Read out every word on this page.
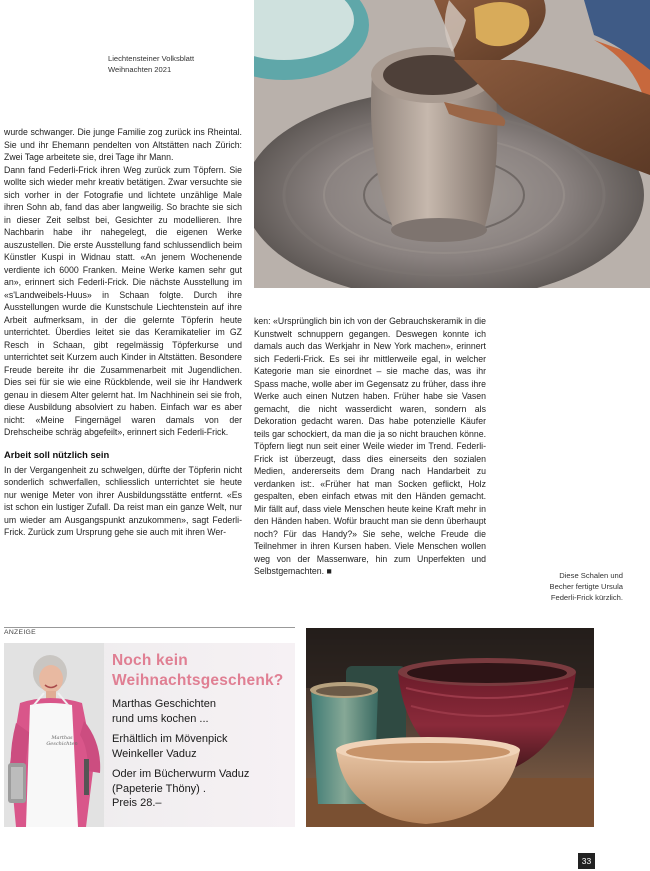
Liechtensteiner Volksblatt
Weihnachten 2021

wurde schwanger. Die junge Familie zog zurück ins Rheintal. Sie und ihr Ehemann pendelten von Altstätten nach Zürich: Zwei Tage arbeitete sie, drei Tage ihr Mann.

Dann fand Federli-Frick ihren Weg zurück zum Töpfern. Sie wollte sich wieder mehr kreativ betätigen. Zwar versuchte sie sich vorher in der Fotografie und lichtete unzählige Male ihren Sohn ab, fand das aber langweilig. So brachte sie sich in dieser Zeit selbst bei, Gesichter zu modellieren. Ihre Nachbarin habe ihr nahegelegt, die eigenen Werke auszustellen. Die erste Ausstellung fand schlussendlich beim Künstler Kuspi in Widnau statt. «An jenem Wochenende verdiente ich 6000 Franken. Meine Werke kamen sehr gut an», erinnert sich Federli-Frick. Die nächste Ausstellung im «s'Landweibels-Huus» in Schaan folgte. Durch ihre Ausstellungen wurde die Kunstschule Liechtenstein auf ihre Arbeit aufmerksam, in der die gelernte Töpferin heute unterrichtet. Überdies leitet sie das Keramikatelier im GZ Resch in Schaan, gibt regelmässig Töpferkurse und unterrichtet seit Kurzem auch Kinder in Altstätten. Besondere Freude bereite ihr die Zusammenarbeit mit Jugendlichen. Dies sei für sie wie eine Rückblende, weil sie ihr Handwerk genau in diesem Alter gelernt hat. Im Nachhinein sei sie froh, diese Ausbildung absolviert zu haben. Einfach war es aber nicht: «Meine Fingernägel waren damals von der Drehscheibe schräg abgefeilt», erinnert sich Federli-Frick.

Arbeit soll nützlich sein

In der Vergangenheit zu schwelgen, dürfte der Töpferin nicht sonderlich schwerfallen, schliesslich unterrichtet sie heute nur wenige Meter von ihrer Ausbildungsstätte entfernt. «Es ist schon ein lustiger Zufall. Da reist man ein ganze Welt, nur um wieder am Ausgangspunkt anzukommen», sagt Federli-Frick. Zurück zum Ursprung gehe sie auch mit ihren Wer-

ken: «Ursprünglich bin ich von der Gebrauchskeramik in die Kunstwelt schnuppern gegangen. Deswegen konnte ich damals auch das Werkjahr in New York machen», erinnert sich Federli-Frick. Es sei ihr mittlerweile egal, in welcher Kategorie man sie einordnet – sie mache das, was ihr Spass mache, wolle aber im Gegensatz zu früher, dass ihre Werke auch einen Nutzen haben. Früher habe sie Vasen gemacht, die nicht wasserdicht waren, sondern als Dekoration gedacht waren. Das habe potenzielle Käufer teils gar schockiert, da man die ja so nicht brauchen könne. Töpfern liegt nun seit einer Weile wieder im Trend. Federli-Frick ist überzeugt, dass dies einerseits den sozialen Medien, andererseits dem Drang nach Handarbeit zu verdanken ist:. «Früher hat man Socken geflickt, Holz gespalten, eben einfach etwas mit den Händen gemacht. Mir fällt auf, dass viele Menschen heute keine Kraft mehr in den Händen haben. Wofür braucht man sie denn überhaupt noch? Für das Handy?» Sie sehe, welche Freude die Teilnehmer in ihren Kursen haben. Viele Menschen wollen weg von der Massenware, hin zum Unperfekten und Selbstgemachten. ■	Diese Schalen und
Becher fertigte Ursula
Federli-Frick kürzlich.
ANZEIGE
Marthas Geschichten
Noch kein
Weihnachtsgeschenk?
Marthas Geschichten
rund ums kochen ...
Erhältlich im Mövenpick
Weinkeller Vaduz
Oder im Bücherwurm Vaduz
(Papeterie Thöny) .
Preis 28.–
33
